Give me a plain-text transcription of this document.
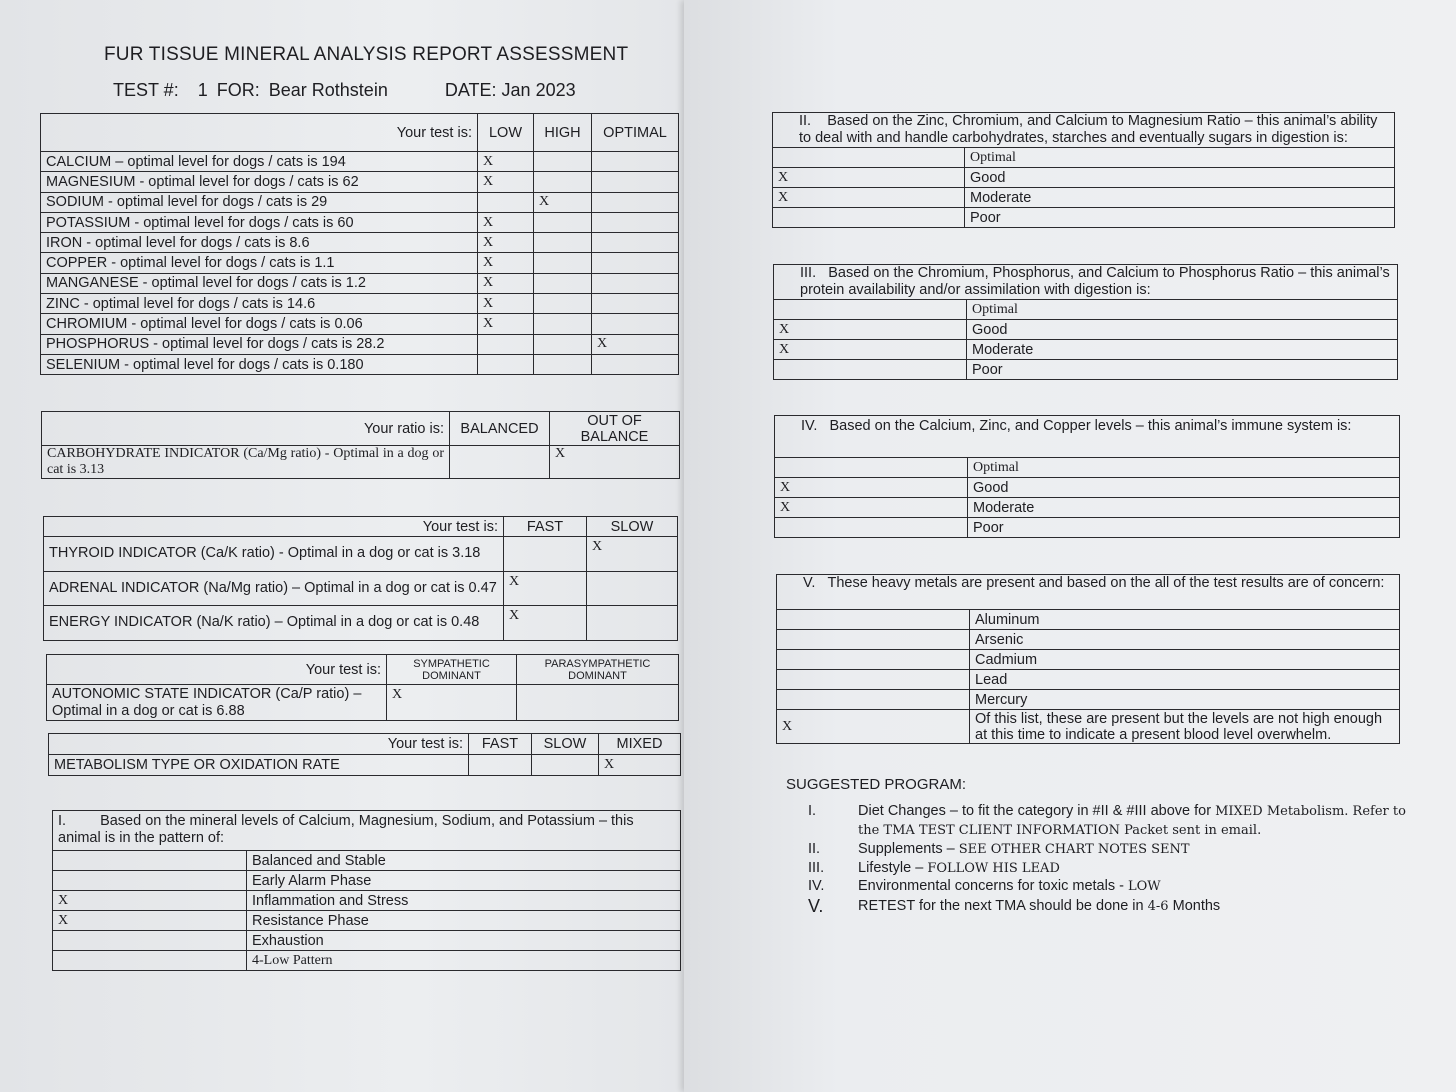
FUR TISSUE MINERAL ANALYSIS REPORT ASSESSMENT
TEST #: 1 FOR: Bear Rothstein	DATE: Jan 2023
Your test is:	LOW	HIGH	OPTIMAL
CALCIUM – optimal level for dogs / cats is 194	X		
MAGNESIUM - optimal level for dogs / cats is 62	X		
SODIUM - optimal level for dogs / cats is 29		X	
POTASSIUM - optimal level for dogs / cats is 60	X		
IRON - optimal level for dogs / cats is 8.6	X		
COPPER - optimal level for dogs / cats is 1.1	X		
MANGANESE - optimal level for dogs / cats is 1.2	X		
ZINC - optimal level for dogs / cats is 14.6	X		
CHROMIUM - optimal level for dogs / cats is 0.06	X		
PHOSPHORUS - optimal level for dogs / cats is 28.2			X
SELENIUM - optimal level for dogs / cats is 0.180			
Your ratio is:	BALANCED	OUT OF BALANCE
CARBOHYDRATE INDICATOR (Ca/Mg ratio) - Optimal in a dog or cat is 3.13		X
Your test is:	FAST	SLOW
THYROID INDICATOR (Ca/K ratio) - Optimal in a dog or cat is 3.18		X
ADRENAL INDICATOR (Na/Mg ratio) – Optimal in a dog or cat is 0.47	X	
ENERGY INDICATOR (Na/K ratio) – Optimal in a dog or cat is 0.48	X	
Your test is:	SYMPATHETIC DOMINANT	PARASYMPATHETIC DOMINANT
AUTONOMIC STATE INDICATOR (Ca/P ratio) – Optimal in a dog or cat is 6.88	X	
Your test is:	FAST	SLOW	MIXED
METABOLISM TYPE OR OXIDATION RATE			X
I. Based on the mineral levels of Calcium, Magnesium, Sodium, and Potassium – this animal is in the pattern of:	
	Balanced and Stable
	Early Alarm Phase
X	Inflammation and Stress
X	Resistance Phase
	Exhaustion
	4-Low Pattern
II. Based on the Zinc, Chromium, and Calcium to Magnesium Ratio – this animal’s ability to deal with and handle carbohydrates, starches and eventually sugars in digestion is:	
	Optimal
X	Good
X	Moderate
	Poor
III. Based on the Chromium, Phosphorus, and Calcium to Phosphorus Ratio – this animal’s protein availability and/or assimilation with digestion is:	
	Optimal
X	Good
X	Moderate
	Poor
IV. Based on the Calcium, Zinc, and Copper levels – this animal’s immune system is:	
	Optimal
X	Good
X	Moderate
	Poor
V. These heavy metals are present and based on the all of the test results are of concern:	
	Aluminum
	Arsenic
	Cadmium
	Lead
	Mercury
X	Of this list, these are present but the levels are not high enough at this time to indicate a present blood level overwhelm.
SUGGESTED PROGRAM:
I.	Diet Changes – to fit the category in #II & #III above for MIXED Metabolism. Refer to the TMA TEST CLIENT INFORMATION Packet sent in email.
II.	Supplements – SEE OTHER CHART NOTES SENT
III. Lifestyle – FOLLOW HIS LEAD
IV. Environmental concerns for toxic metals - LOW
V. RETEST for the next TMA should be done in 4-6 Months
